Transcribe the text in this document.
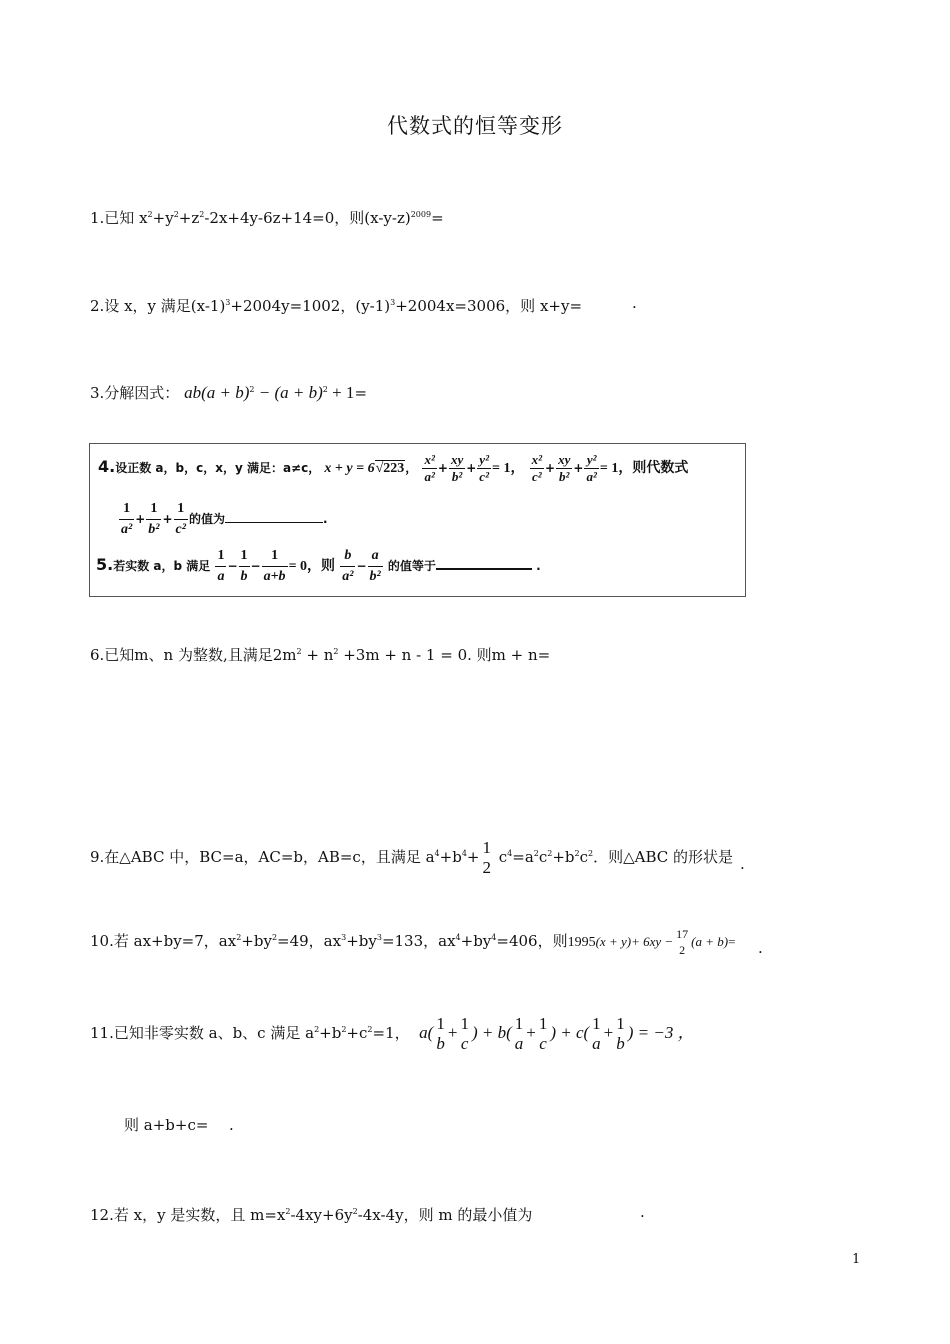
代数式的恒等变形
1.已知 $x^2+y^2+z^2-2x+4y-6z+14=0$，则$(x-y-z)^{2009}=$
2.设 x，y 满足$(x-1)^3+2004y=1002$，$(y-1)^3+2004x=3006$，则 x+y=	.
3.分解因式： $ab(a + b)^2 - (a + b)^2 + 1=$
4.设正数 a，b，c，x，y 满足：a≠c， x + y = 6√223， $\frac{\text{x²}}{\text{a²}} + \frac{xy}{\text{b²}} + \frac{\text{y²}}{\text{c²}} = 1$， $\frac{\text{x²}}{\text{c²}} + \frac{xy}{\text{b²}} + \frac{\text{y²}}{\text{a²}} = 1$，则代数式
$\frac{1}{\text{a²}} + \frac{1}{\text{b²}} + \frac{1}{\text{c²}}$ 的值为	.
5.若实数 a，b 满足 $\frac{1}{a} - \frac{1}{b} - \frac{1}{a+b} = 0$，则 $\frac{b}{\text{a²}} - \frac{a}{\text{b²}}$ 的值等于	.
6.已知m、n 为整数,且满足$2m^2 + n^2 +3m + n - 1 = 0$. 则m + n=
9.在△ABC 中，BC=a，AC=b，AB=c，且满足 $a^4+b^4+ 1$
2
$c^4=a^2c^2+b^2c^2$．则△ABC 的形状是 .
10.若 ax+by=7，$ax^2+by^2=49$，$ax^3+by^3=133$，$ax^4+by^4=406$，则1995(x + y)+ 6xy − 17
2
(a + b)= .
11.已知非零实数 a、b、c 满足 $a^2+b^2+c^2=1$， a( 1
b
+ 1
c
) + b( 1
a
+ 1
c
) + c( 1
a
+ 1
b
) = −3 ，
则 a+b+c= .
12.若 x，y 是实数，且 $m=x^2-4xy+6y^2-4x-4y$，则 m 的最小值为	.
1
